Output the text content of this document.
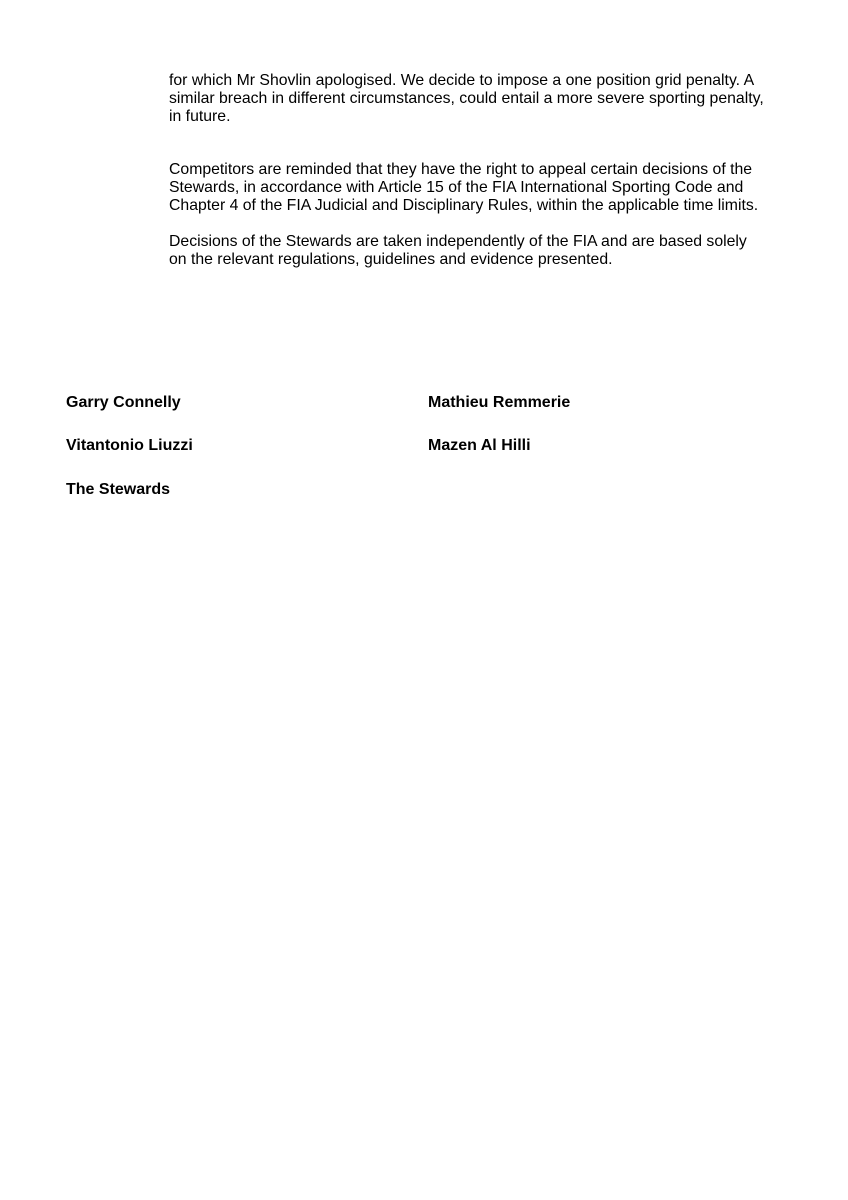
for which Mr Shovlin apologised. We decide to impose a one position grid penalty. A
similar breach in different circumstances, could entail a more severe sporting penalty,
in future.

Competitors are reminded that they have the right to appeal certain decisions of the
Stewards, in accordance with Article 15 of the FIA International Sporting Code and
Chapter 4 of the FIA Judicial and Disciplinary Rules, within the applicable time limits.

Decisions of the Stewards are taken independently of the FIA and are based solely
on the relevant regulations, guidelines and evidence presented.

Garry Connelly	Mathieu Remmerie
Vitantonio Liuzzi	Mazen Al Hilli
The Stewards
